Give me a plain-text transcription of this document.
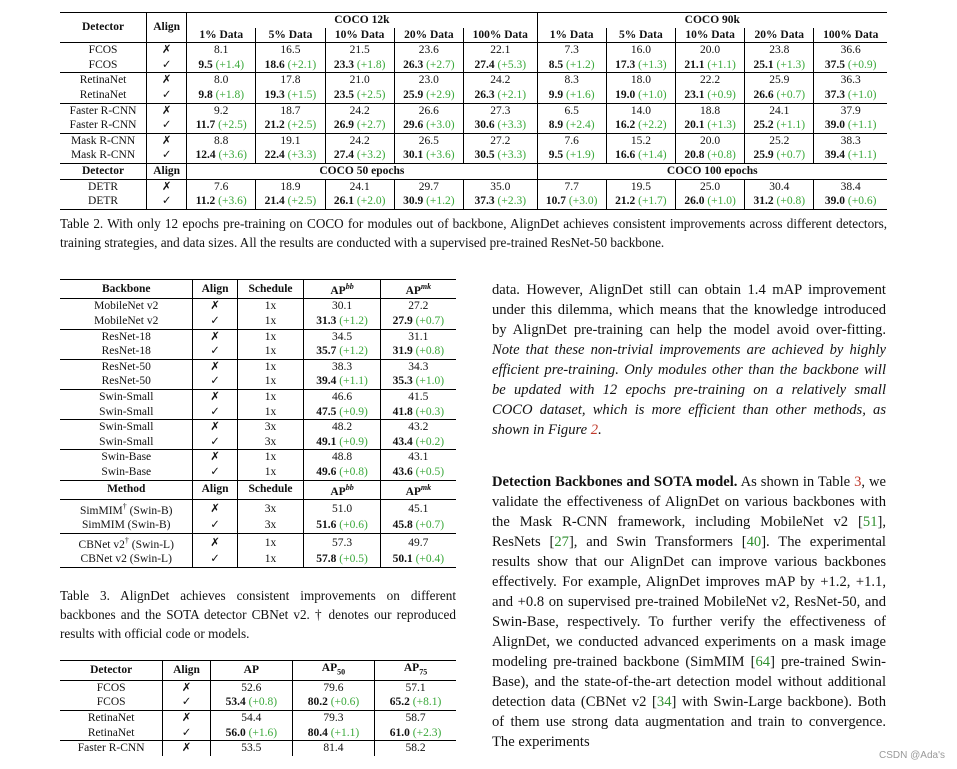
Detector	Align	COCO 12k					COCO 90k				
		1% Data	5% Data	10% Data	20% Data	100% Data	1% Data	5% Data	10% Data	20% Data	100% Data
FCOS	✗	8.1	16.5	21.5	23.6	22.1	7.3	16.0	20.0	23.8	36.6
FCOS	✓	9.5 (+1.4)	18.6 (+2.1)	23.3 (+1.8)	26.3 (+2.7)	27.4 (+5.3)	8.5 (+1.2)	17.3 (+1.3)	21.1 (+1.1)	25.1 (+1.3)	37.5 (+0.9)
RetinaNet	✗	8.0	17.8	21.0	23.0	24.2	8.3	18.0	22.2	25.9	36.3
RetinaNet	✓	9.8 (+1.8)	19.3 (+1.5)	23.5 (+2.5)	25.9 (+2.9)	26.3 (+2.1)	9.9 (+1.6)	19.0 (+1.0)	23.1 (+0.9)	26.6 (+0.7)	37.3 (+1.0)
Faster R-CNN	✗	9.2	18.7	24.2	26.6	27.3	6.5	14.0	18.8	24.1	37.9
Faster R-CNN	✓	11.7 (+2.5)	21.2 (+2.5)	26.9 (+2.7)	29.6 (+3.0)	30.6 (+3.3)	8.9 (+2.4)	16.2 (+2.2)	20.1 (+1.3)	25.2 (+1.1)	39.0 (+1.1)
Mask R-CNN	✗	8.8	19.1	24.2	26.5	27.2	7.6	15.2	20.0	25.2	38.3
Mask R-CNN	✓	12.4 (+3.6)	22.4 (+3.3)	27.4 (+3.2)	30.1 (+3.6)	30.5 (+3.3)	9.5 (+1.9)	16.6 (+1.4)	20.8 (+0.8)	25.9 (+0.7)	39.4 (+1.1)
Detector	Align	COCO 50 epochs					COCO 100 epochs				
DETR	✗	7.6	18.9	24.1	29.7	35.0	7.7	19.5	25.0	30.4	38.4
DETR	✓	11.2 (+3.6)	21.4 (+2.5)	26.1 (+2.0)	30.9 (+1.2)	37.3 (+2.3)	10.7 (+3.0)	21.2 (+1.7)	26.0 (+1.0)	31.2 (+0.8)	39.0 (+0.6)
Table 2. With only 12 epochs pre-training on COCO for modules out of backbone, AlignDet achieves consistent improvements across different detectors, training strategies, and data sizes. All the results are conducted with a supervised pre-trained ResNet-50 backbone.
Backbone	Align	Schedule	$AP^{bb}$	$AP^{mk}$
MobileNet v2	✗	1x	30.1	27.2
MobileNet v2	✓	1x	31.3 (+1.2)	27.9 (+0.7)
ResNet-18	✗	1x	34.5	31.1
ResNet-18	✓	1x	35.7 (+1.2)	31.9 (+0.8)
ResNet-50	✗	1x	38.3	34.3
ResNet-50	✓	1x	39.4 (+1.1)	35.3 (+1.0)
Swin-Small	✗	1x	46.6	41.5
Swin-Small	✓	1x	47.5 (+0.9)	41.8 (+0.3)
Swin-Small	✗	3x	48.2	43.2
Swin-Small	✓	3x	49.1 (+0.9)	43.4 (+0.2)
Swin-Base	✗	1x	48.8	43.1
Swin-Base	✓	1x	49.6 (+0.8)	43.6 (+0.5)
Method	Align	Schedule	$AP^{bb}$	$AP^{mk}$
SimMIM† (Swin-B)	✗	3x	51.0	45.1
SimMIM (Swin-B)	✓	3x	51.6 (+0.6)	45.8 (+0.7)
CBNet v2† (Swin-L)	✗	1x	57.3	49.7
CBNet v2 (Swin-L)	✓	1x	57.8 (+0.5)	50.1 (+0.4)
Table 3. AlignDet achieves consistent improvements on different backbones and the SOTA detector CBNet v2. † denotes our reproduced results with official code or models.
Detector	Align	AP	$AP_{50}$	$AP_{75}$
FCOS	✗	52.6	79.6	57.1
FCOS	✓	53.4 (+0.8)	80.2 (+0.6)	65.2 (+8.1)
RetinaNet	✗	54.4	79.3	58.7
RetinaNet	✓	56.0 (+1.6)	80.4 (+1.1)	61.0 (+2.3)
Faster R-CNN	✗	53.5	81.4	58.2

data. However, AlignDet still can obtain 1.4 mAP improvement under this dilemma, which means that the knowledge introduced by AlignDet pre-training can help the model avoid over-fitting. Note that these non-trivial improvements are achieved by highly efficient pre-training. Only modules other than the backbone will be updated with 12 epochs pre-training on a relatively small COCO dataset, which is more efficient than other methods, as shown in Figure 2.

Detection Backbones and SOTA model. As shown in Table 3, we validate the effectiveness of AlignDet on various backbones with the Mask R-CNN framework, including MobileNet v2 [51], ResNets [27], and Swin Transformers [40]. The experimental results show that our AlignDet can improve various backbones effectively. For example, AlignDet improves mAP by +1.2, +1.1, and +0.8 on supervised pre-trained MobileNet v2, ResNet-50, and Swin-Base, respectively. To further verify the effectiveness of AlignDet, we conducted advanced experiments on a mask image modeling pre-trained backbone (SimMIM [64] pre-trained Swin-Base), and the state-of-the-art detection model without additional detection data (CBNet v2 [34] with Swin-Large backbone). Both of them use strong data augmentation and train to convergence. The experiments

CSDN @Ada's
